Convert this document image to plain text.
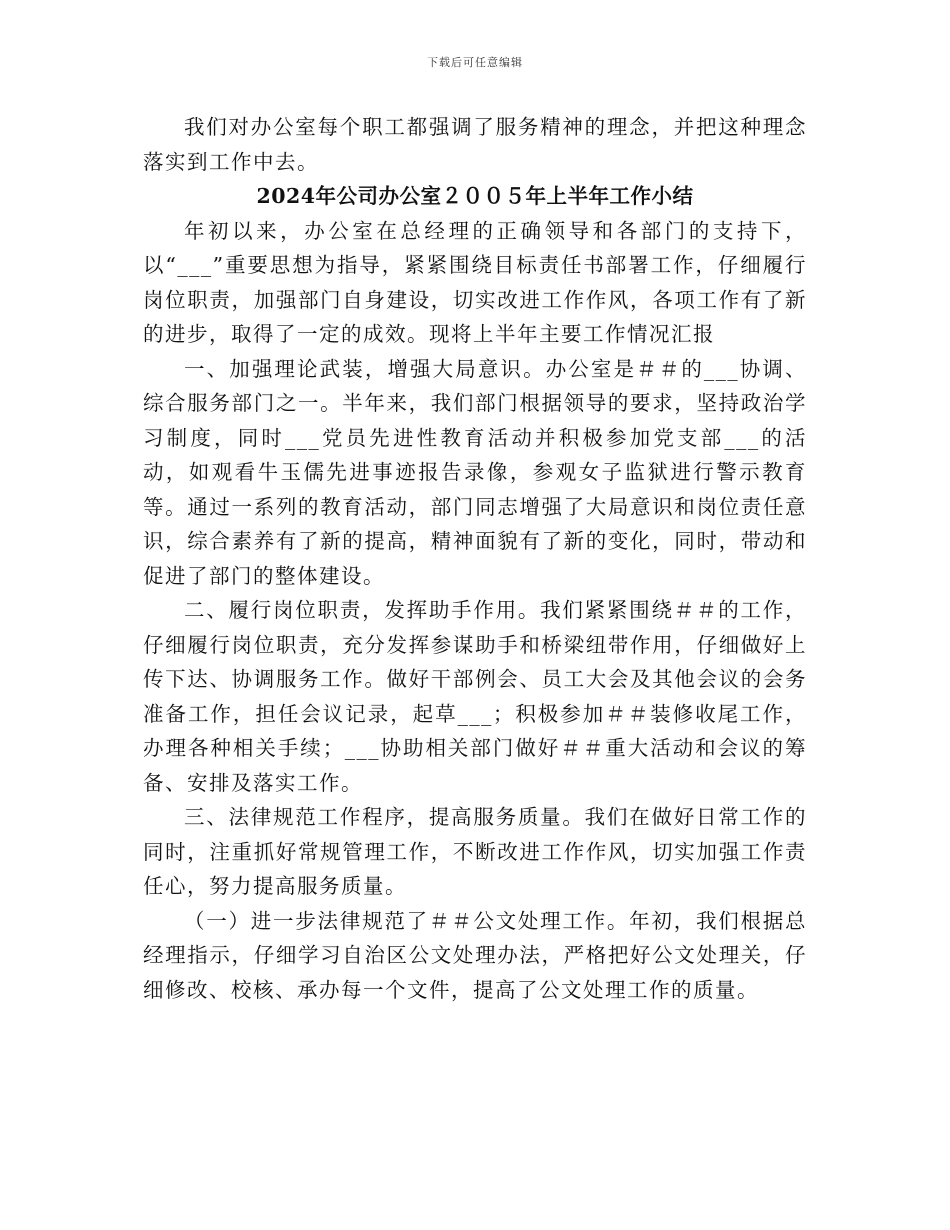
下载后可任意编辑

我们对办公室每个职工都强调了服务精神的理念，并把这种理念落实到工作中去。

2024年公司办公室２００５年上半年工作小结

年初以来，办公室在总经理的正确领导和各部门的支持下，以“___”重要思想为指导，紧紧围绕目标责任书部署工作，仔细履行岗位职责，加强部门自身建设，切实改进工作作风，各项工作有了新的进步，取得了一定的成效。现将上半年主要工作情况汇报

一、加强理论武装，增强大局意识。办公室是＃＃的___协调、综合服务部门之一。半年来，我们部门根据领导的要求，坚持政治学习制度，同时___党员先进性教育活动并积极参加党支部___的活动，如观看牛玉儒先进事迹报告录像，参观女子监狱进行警示教育等。通过一系列的教育活动，部门同志增强了大局意识和岗位责任意识，综合素养有了新的提高，精神面貌有了新的变化，同时，带动和促进了部门的整体建设。

二、履行岗位职责，发挥助手作用。我们紧紧围绕＃＃的工作，仔细履行岗位职责，充分发挥参谋助手和桥梁纽带作用，仔细做好上传下达、协调服务工作。做好干部例会、员工大会及其他会议的会务准备工作，担任会议记录，起草___；积极参加＃＃装修收尾工作，办理各种相关手续；___协助相关部门做好＃＃重大活动和会议的筹备、安排及落实工作。

三、法律规范工作程序，提高服务质量。我们在做好日常工作的同时，注重抓好常规管理工作，不断改进工作作风，切实加强工作责任心，努力提高服务质量。

（一）进一步法律规范了＃＃公文处理工作。年初，我们根据总经理指示，仔细学习自治区公文处理办法，严格把好公文处理关，仔细修改、校核、承办每一个文件，提高了公文处理工作的质量。
